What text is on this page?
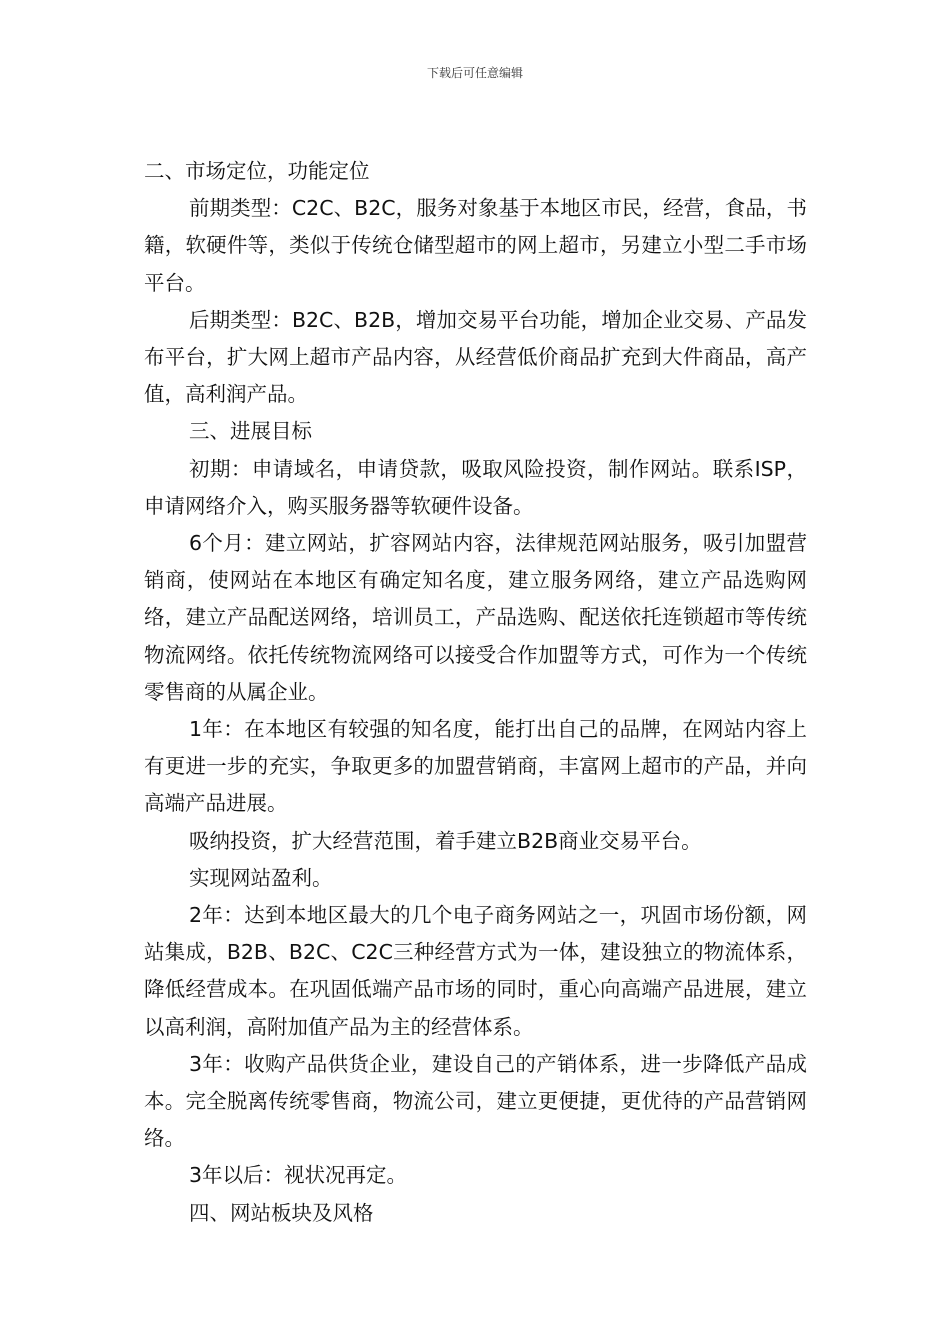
下载后可任意编辑

二、市场定位，功能定位

前期类型：C2C、B2C，服务对象基于本地区市民，经营，食品，书籍，软硬件等，类似于传统仓储型超市的网上超市，另建立小型二手市场平台。

后期类型：B2C、B2B，增加交易平台功能，增加企业交易、产品发布平台，扩大网上超市产品内容，从经营低价商品扩充到大件商品，高产值，高利润产品。

三、进展目标

初期：申请域名，申请贷款，吸取风险投资，制作网站。联系ISP，申请网络介入，购买服务器等软硬件设备。

6个月：建立网站，扩容网站内容，法律规范网站服务，吸引加盟营销商，使网站在本地区有确定知名度，建立服务网络，建立产品选购网络，建立产品配送网络，培训员工，产品选购、配送依托连锁超市等传统物流网络。依托传统物流网络可以接受合作加盟等方式，可作为一个传统零售商的从属企业。

1年：在本地区有较强的知名度，能打出自己的品牌，在网站内容上有更进一步的充实，争取更多的加盟营销商，丰富网上超市的产品，并向高端产品进展。

吸纳投资，扩大经营范围，着手建立B2B商业交易平台。

实现网站盈利。

2年：达到本地区最大的几个电子商务网站之一，巩固市场份额，网站集成，B2B、B2C、C2C三种经营方式为一体，建设独立的物流体系，降低经营成本。在巩固低端产品市场的同时，重心向高端产品进展，建立以高利润，高附加值产品为主的经营体系。

3年：收购产品供货企业，建设自己的产销体系，进一步降低产品成本。完全脱离传统零售商，物流公司，建立更便捷，更优待的产品营销网络。

3年以后：视状况再定。

四、网站板块及风格
